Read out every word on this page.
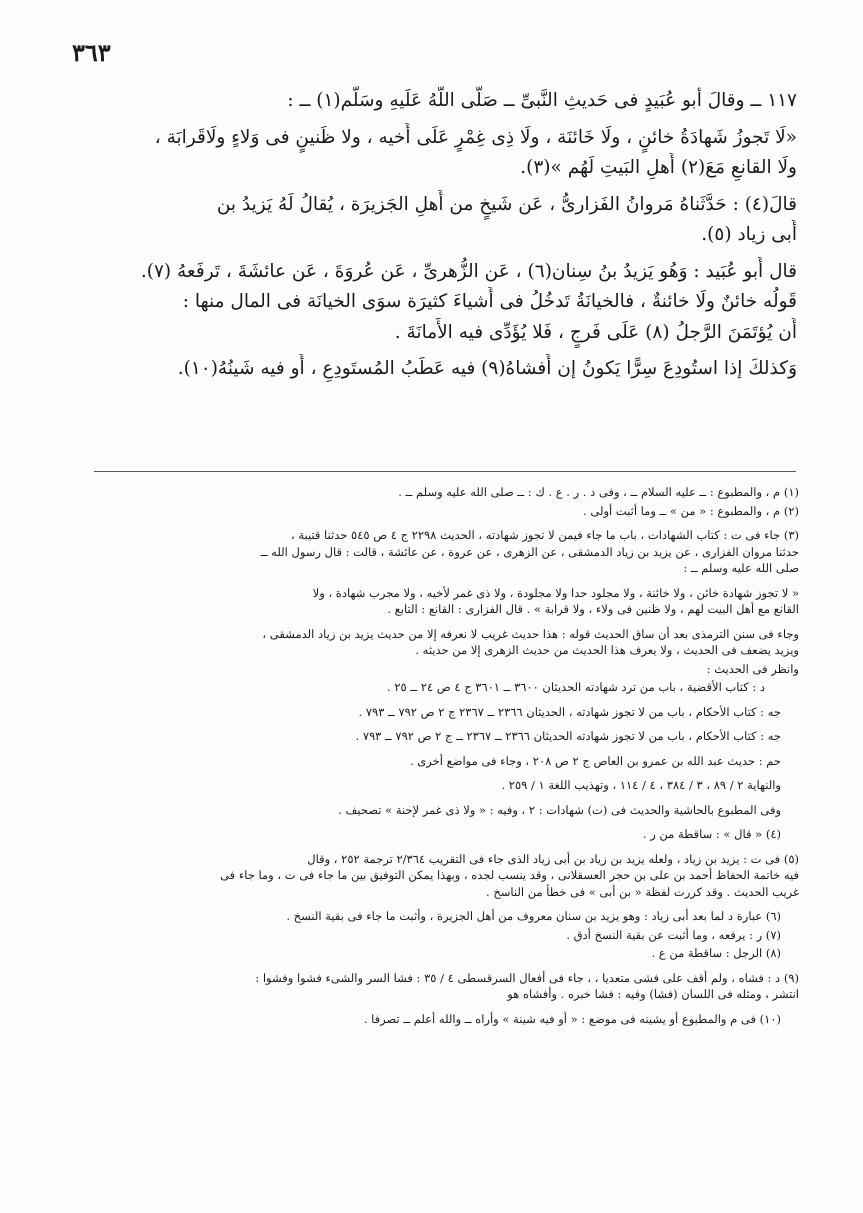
٣٦٣

١١٧ ــ وقالَ أبو عُبَيدٍ فى حَديثِ النَّبىِّ ــ صَلَّى اللّهُ عَلَيهِ وسَلَّم(١) ــ :

«لَا تَجوزُ شَهادَةُ خائنٍ ، ولَا خَائنَة ، ولَا ذِى غِمْرٍ عَلَى أَخيه ، ولا ظَنينٍ فى وَلاءٍ ولَاقَرابَة ،

ولَا القانعِ مَعَ(٢) أَهلِ البَيتِ لَهُم »(٣).

قالَ(٤) : حَدَّثَناهُ مَروانُ الفَزارىُّ ، عَن شَيخٍ من أَهلِ الجَزيرَة ، يُقالُ لَهُ يَزيدُ بن

أَبى زياد (٥).

قال أَبو عُبَيد : وَهُو يَزيدُ بنُ سِنان(٦) ، عَن الزُّهرىِّ ، عَن عُروَةَ ، عَن عائشَةَ ، تَرفَعهُ (٧).

قَولُه خائنٌ ولَا خائنةٌ ، فالخيانَةُ تَدخُلُ فى أَشياءَ كثيرَة سوَى الخيانَة فى المال منها :

أَن يُؤتَمَنَ الرَّجلُ (٨) عَلَى فَرجٍ ، فَلا يُؤَدِّى فيه الأَمانَةَ .

وَكذلكَ إذا استُودِعَ سِرًّا يَكونُ إن أَفشاهُ(٩) فيه عَطَبُ المُستَودِعِ ، أَو فيه شَينُهُ(١٠).

(١) م ، والمطبوع : ــ عليه السلام ــ ، وفى د . ر . ع . ك : ــ صلى الله عليه وسلم ــ .

(٢) م ، والمطبوع : « من » ــ وما أثبت أولى .

(٣) جاء فى ت : كتاب الشهادات ، باب ما جاء فيمن لا تجوز شهادته ، الحديث ٢٢٩٨ ج ٤ ص ٥٤٥ حدثنا قتيبة ،
حدثنا مروان الفزارى ، عن يزيد بن زياد الدمشقى ، عن الزهرى ، عن عروة ، عن عائشة ، قالت : قال رسول الله ــ
صلى الله عليه وسلم ــ :

« لا تجوز شهادة خائن ، ولا خائنة ، ولا مجلود حدا ولا مجلودة ، ولا ذى غمر لأخيه ، ولا مجرب شهادة ، ولا
القانع مع أهل البيت لهم ، ولا ظنين فى ولاء ، ولا قرابة » . قال الفزارى : القانع : التابع .

وجاء فى سنن الترمذى بعد أن ساق الحديث قوله : هذا حديث غريب لا نعرفه إلا من حديث يزيد بن زياد الدمشقى ،
ويزيد يضعف فى الحديث ، ولا يعرف هذا الحديث من حديث الزهرى إلا من حديثه .

وانظر فى الحديث :

د : كتاب الأقضية ، باب من ترد شهادته الحديثان ٣٦٠٠ ــ ٣٦٠١ ج ٤ ص ٢٤ ــ ٢٥ .

جه : كتاب الأحكام ، باب من لا تجوز شهادته ، الحديثان ٢٣٦٦ ــ ٢٣٦٧ ج ٢ ص ٧٩٢ ــ ٧٩٣ .

جه : كتاب الأحكام ، باب من لا تجوز شهادته الحديثان ٢٣٦٦ ــ ٢٣٦٧ ــ ج ٢ ص ٧٩٢ ــ ٧٩٣ .

حم : حديث عبد الله بن عمرو بن العاص ج ٢ ص ٢٠٨ ، وجاء فى مواضع أخرى .

والنهاية ٢ / ٨٩ ، ٣ / ٣٨٤ ، ٤ / ١١٤ ، وتهذيب اللغة ١ / ٢٥٩ .

وفى المطبوع بالحاشية والحديث فى (ت) شهادات : ٢ ، وفيه : « ولا ذى غمر لإحنة » تصحيف .

(٤) « قال » : ساقطة من ر .

(٥) فى ت : يزيد بن زياد ، ولعله يزيد بن زياد بن أبى زياد الذى جاء فى التقريب ٢/٣٦٤ ترجمة ٢٥٢ ، وقال
فيه خاتمة الحفاظ أحمد بن على بن حجر العسقلانى ، وقد ينسب لجده ، وبهذا يمكن التوفيق بين ما جاء فى ت ، وما جاء فى
غريب الحديث . وقد كررت لفظة « بن أبى » فى خطأ من الناسخ .

(٦) عبارة د لما بعد أبى زياد : وهو يزيد بن سنان معروف من أهل الجزيرة ، وأثبت ما جاء فى بقية النسخ .

(٧) ر : يرفعه ، وما أثبت عن بقية النسخ أدق .

(٨) الرجل : ساقطة من ع .

(٩) د : فشاه ، ولم أقف على فشى متعديا ، ، جاء فى أفعال السرقسطى ٤ / ٣٥ : فشا السر والشىء فشوا وفشوا :
انتشر ، ومثله فى اللسان (فشا) وفيه : فشا خبره . وأفشاه هو

(١٠) فى م والمطبوع أو يشينه فى موضع : « أو فيه شينة » وأراه ــ والله أعلم ــ تصرفا .
